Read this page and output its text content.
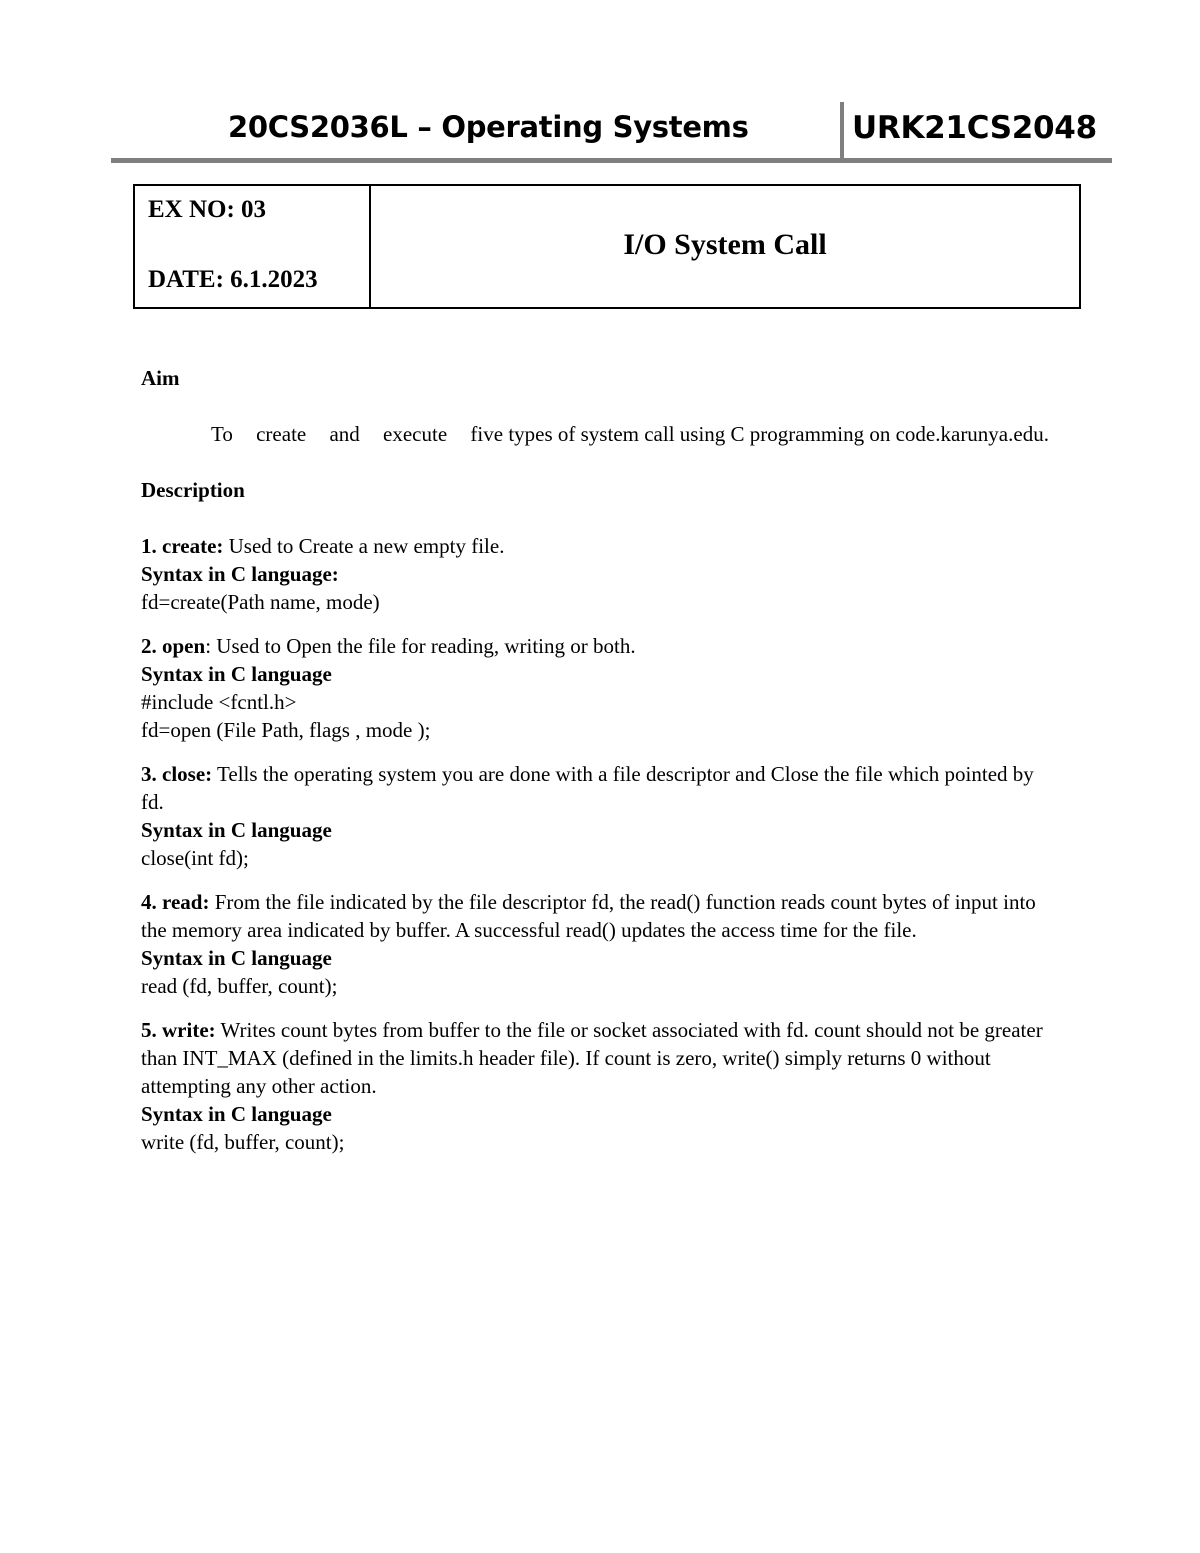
20CS2036L – Operating Systems	URK21CS2048
EX NO: 03
DATE: 6.1.2023
I/O System Call

Aim

To create and execute five types of system call using C programming on code.karunya.edu.

Description

1. create: Used to Create a new empty file.

Syntax in C language:

fd=create(Path name, mode)

2. open: Used to Open the file for reading, writing or both.

Syntax in C language

#include <fcntl.h>

fd=open (File Path, flags , mode );

3. close: Tells the operating system you are done with a file descriptor and Close the file which pointed by fd.

Syntax in C language

close(int fd);

4. read: From the file indicated by the file descriptor fd, the read() function reads count bytes of input into the memory area indicated by buffer. A successful read() updates the access time for the file.

Syntax in C language

read (fd, buffer, count);

5. write: Writes count bytes from buffer to the file or socket associated with fd. count should not be greater than INT_MAX (defined in the limits.h header file). If count is zero, write() simply returns 0 without attempting any other action.

Syntax in C language

write (fd, buffer, count);
